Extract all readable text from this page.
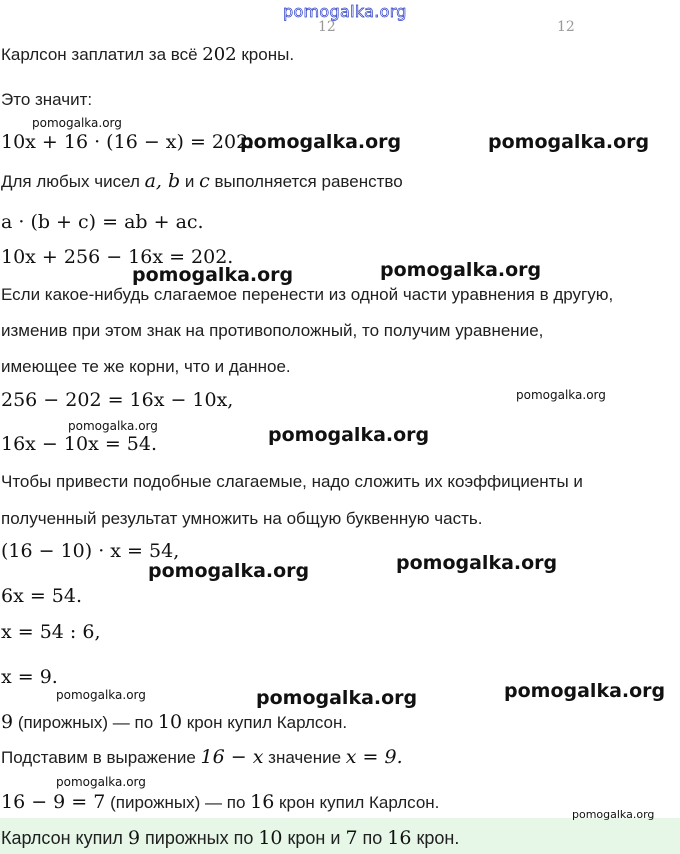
pomogalka.org
12	12
Карлсон заплатил за всё 202 кроны.
Это значит:
10x + 16 · (16 − x) = 202.
Для любых чисел a, b и c выполняется равенство
a · (b + c) = ab + ac.
10x + 256 − 16x = 202.
Если какое-нибудь слагаемое перенести из одной части уравнения в другую,
изменив при этом знак на противоположный, то получим уравнение,
имеющее те же корни, что и данное.
256 − 202 = 16x − 10x,
16x − 10x = 54.
Чтобы привести подобные слагаемые, надо сложить их коэффициенты и
полученный результат умножить на общую буквенную часть.
(16 − 10) · x = 54,
6x = 54.
x = 54 : 6,
x = 9.
9 (пирожных) — по 10 крон купил Карлсон.
Подставим в выражение 16 − x значение x = 9.
16 − 9 = 7 (пирожных) — по 16 крон купил Карлсон.
Карлсон купил 9 пирожных по 10 крон и 7 по 16 крон.
pomogalka.org
pomogalka.org	pomogalka.org
pomogalka.org	pomogalka.org
pomogalka.org
pomogalka.org	pomogalka.org
pomogalka.org	pomogalka.org
pomogalka.org	pomogalka.org	pomogalka.org
pomogalka.org
pomogalka.org
